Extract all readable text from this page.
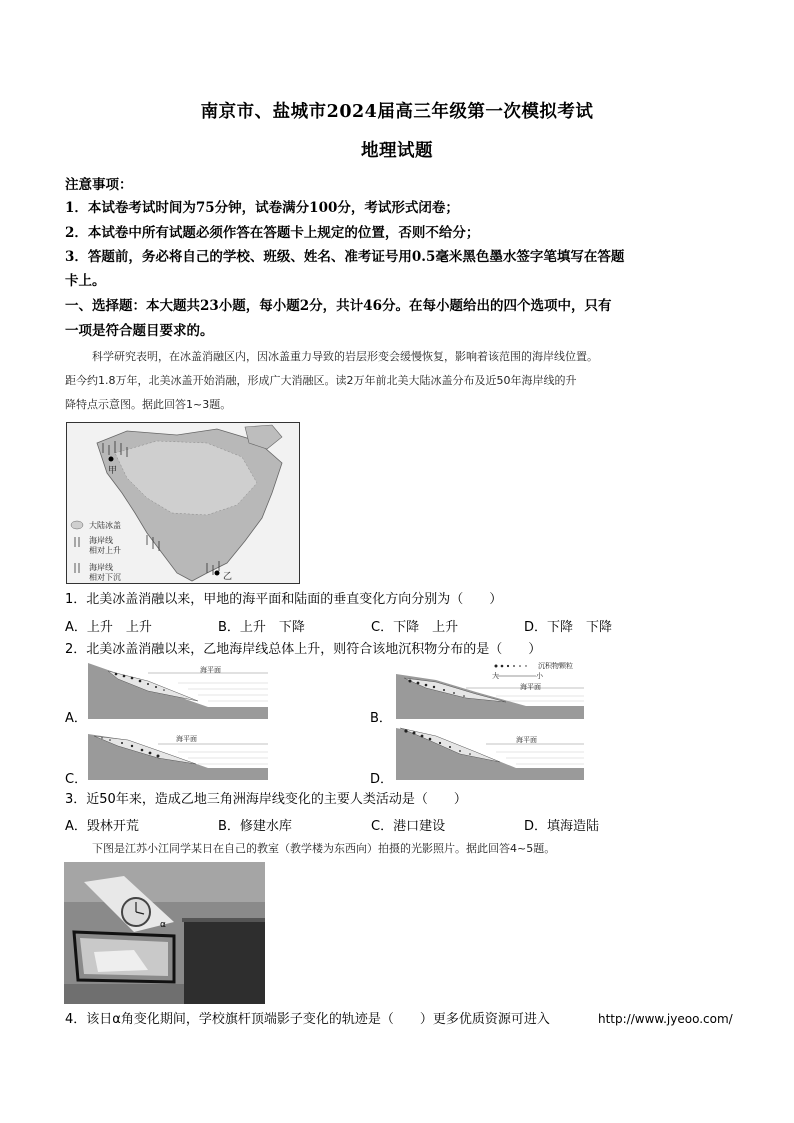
南京市、盐城市2024届高三年级第一次模拟考试
地理试题
注意事项：
1．本试卷考试时间为75分钟，试卷满分100分，考试形式闭卷；
2．本试卷中所有试题必须作答在答题卡上规定的位置，否则不给分；
3．答题前，务必将自己的学校、班级、姓名、准考证号用0.5毫米黑色墨水签字笔填写在答题
卡上。
一、选择题：本大题共23小题，每小题2分，共计46分。在每小题给出的四个选项中，只有
一项是符合题目要求的。
科学研究表明，在冰盖消融区内，因冰盖重力导致的岩层形变会缓慢恢复，影响着该范围的海岸线位置。
距今约1.8万年，北美冰盖开始消融，形成广大消融区。读2万年前北美大陆冰盖分布及近50年海岸线的升
降特点示意图。据此回答1~3题。
甲
乙
大陆冰盖
海岸线
相对上升
海岸线
相对下沉
1．北美冰盖消融以来，甲地的海平面和陆面的垂直变化方向分别为（　　）
A．上升　上升	B．上升　下降	C．下降　上升	D．下降　下降
2．北美冰盖消融以来，乙地海岸线总体上升，则符合该地沉积物分布的是（　　）
A．
海平面
B．
沉积物颗粒
大	小
海平面
C．
海平面
D．
海平面
3．近50年来，造成乙地三角洲海岸线变化的主要人类活动是（　　）
A．毁林开荒	B．修建水库	C．港口建设	D．填海造陆
下图是江苏小江同学某日在自己的教室（教学楼为东西向）拍摄的光影照片。据此回答4~5题。
α
4．该日α角变化期间，学校旗杆顶端影子变化的轨迹是（　　）更多优质资源可进入	http://www.jyeoo.com/
